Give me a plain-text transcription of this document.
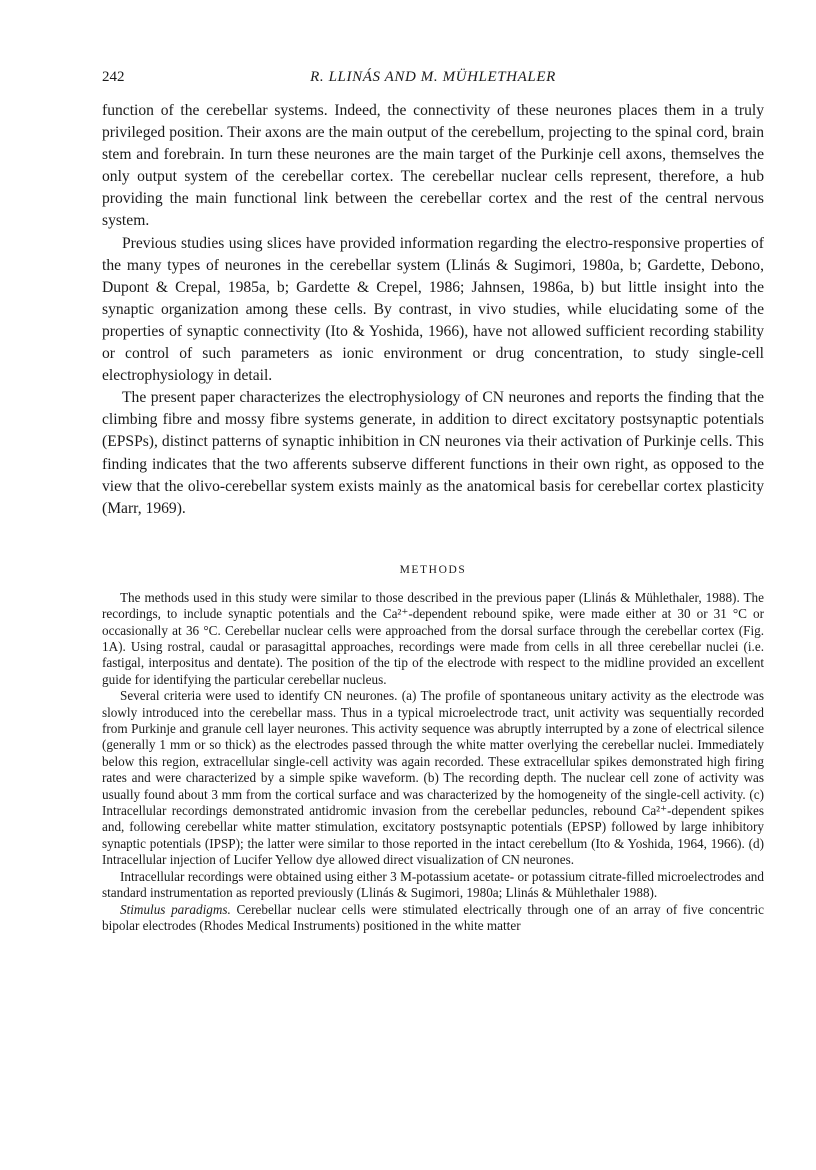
242	R. LLINÁS AND M. MÜHLETHALER

function of the cerebellar systems. Indeed, the connectivity of these neurones places them in a truly privileged position. Their axons are the main output of the cerebellum, projecting to the spinal cord, brain stem and forebrain. In turn these neurones are the main target of the Purkinje cell axons, themselves the only output system of the cerebellar cortex. The cerebellar nuclear cells represent, therefore, a hub providing the main functional link between the cerebellar cortex and the rest of the central nervous system.

Previous studies using slices have provided information regarding the electro-responsive properties of the many types of neurones in the cerebellar system (Llinás & Sugimori, 1980a, b; Gardette, Debono, Dupont & Crepal, 1985a, b; Gardette & Crepel, 1986; Jahnsen, 1986a, b) but little insight into the synaptic organization among these cells. By contrast, in vivo studies, while elucidating some of the properties of synaptic connectivity (Ito & Yoshida, 1966), have not allowed sufficient recording stability or control of such parameters as ionic environment or drug concentration, to study single-cell electrophysiology in detail.

The present paper characterizes the electrophysiology of CN neurones and reports the finding that the climbing fibre and mossy fibre systems generate, in addition to direct excitatory postsynaptic potentials (EPSPs), distinct patterns of synaptic inhibition in CN neurones via their activation of Purkinje cells. This finding indicates that the two afferents subserve different functions in their own right, as opposed to the view that the olivo-cerebellar system exists mainly as the anatomical basis for cerebellar cortex plasticity (Marr, 1969).

METHODS

The methods used in this study were similar to those described in the previous paper (Llinás & Mühlethaler, 1988). The recordings, to include synaptic potentials and the Ca²⁺-dependent rebound spike, were made either at 30 or 31 °C or occasionally at 36 °C. Cerebellar nuclear cells were approached from the dorsal surface through the cerebellar cortex (Fig. 1A). Using rostral, caudal or parasagittal approaches, recordings were made from cells in all three cerebellar nuclei (i.e. fastigal, interpositus and dentate). The position of the tip of the electrode with respect to the midline provided an excellent guide for identifying the particular cerebellar nucleus.

Several criteria were used to identify CN neurones. (a) The profile of spontaneous unitary activity as the electrode was slowly introduced into the cerebellar mass. Thus in a typical microelectrode tract, unit activity was sequentially recorded from Purkinje and granule cell layer neurones. This activity sequence was abruptly interrupted by a zone of electrical silence (generally 1 mm or so thick) as the electrodes passed through the white matter overlying the cerebellar nuclei. Immediately below this region, extracellular single-cell activity was again recorded. These extracellular spikes demonstrated high firing rates and were characterized by a simple spike waveform. (b) The recording depth. The nuclear cell zone of activity was usually found about 3 mm from the cortical surface and was characterized by the homogeneity of the single-cell activity. (c) Intracellular recordings demonstrated antidromic invasion from the cerebellar peduncles, rebound Ca²⁺-dependent spikes and, following cerebellar white matter stimulation, excitatory postsynaptic potentials (EPSP) followed by large inhibitory synaptic potentials (IPSP); the latter were similar to those reported in the intact cerebellum (Ito & Yoshida, 1964, 1966). (d) Intracellular injection of Lucifer Yellow dye allowed direct visualization of CN neurones.

Intracellular recordings were obtained using either 3 M-potassium acetate- or potassium citrate-filled microelectrodes and standard instrumentation as reported previously (Llinás & Sugimori, 1980a; Llinás & Mühlethaler 1988).

Stimulus paradigms. Cerebellar nuclear cells were stimulated electrically through one of an array of five concentric bipolar electrodes (Rhodes Medical Instruments) positioned in the white matter
